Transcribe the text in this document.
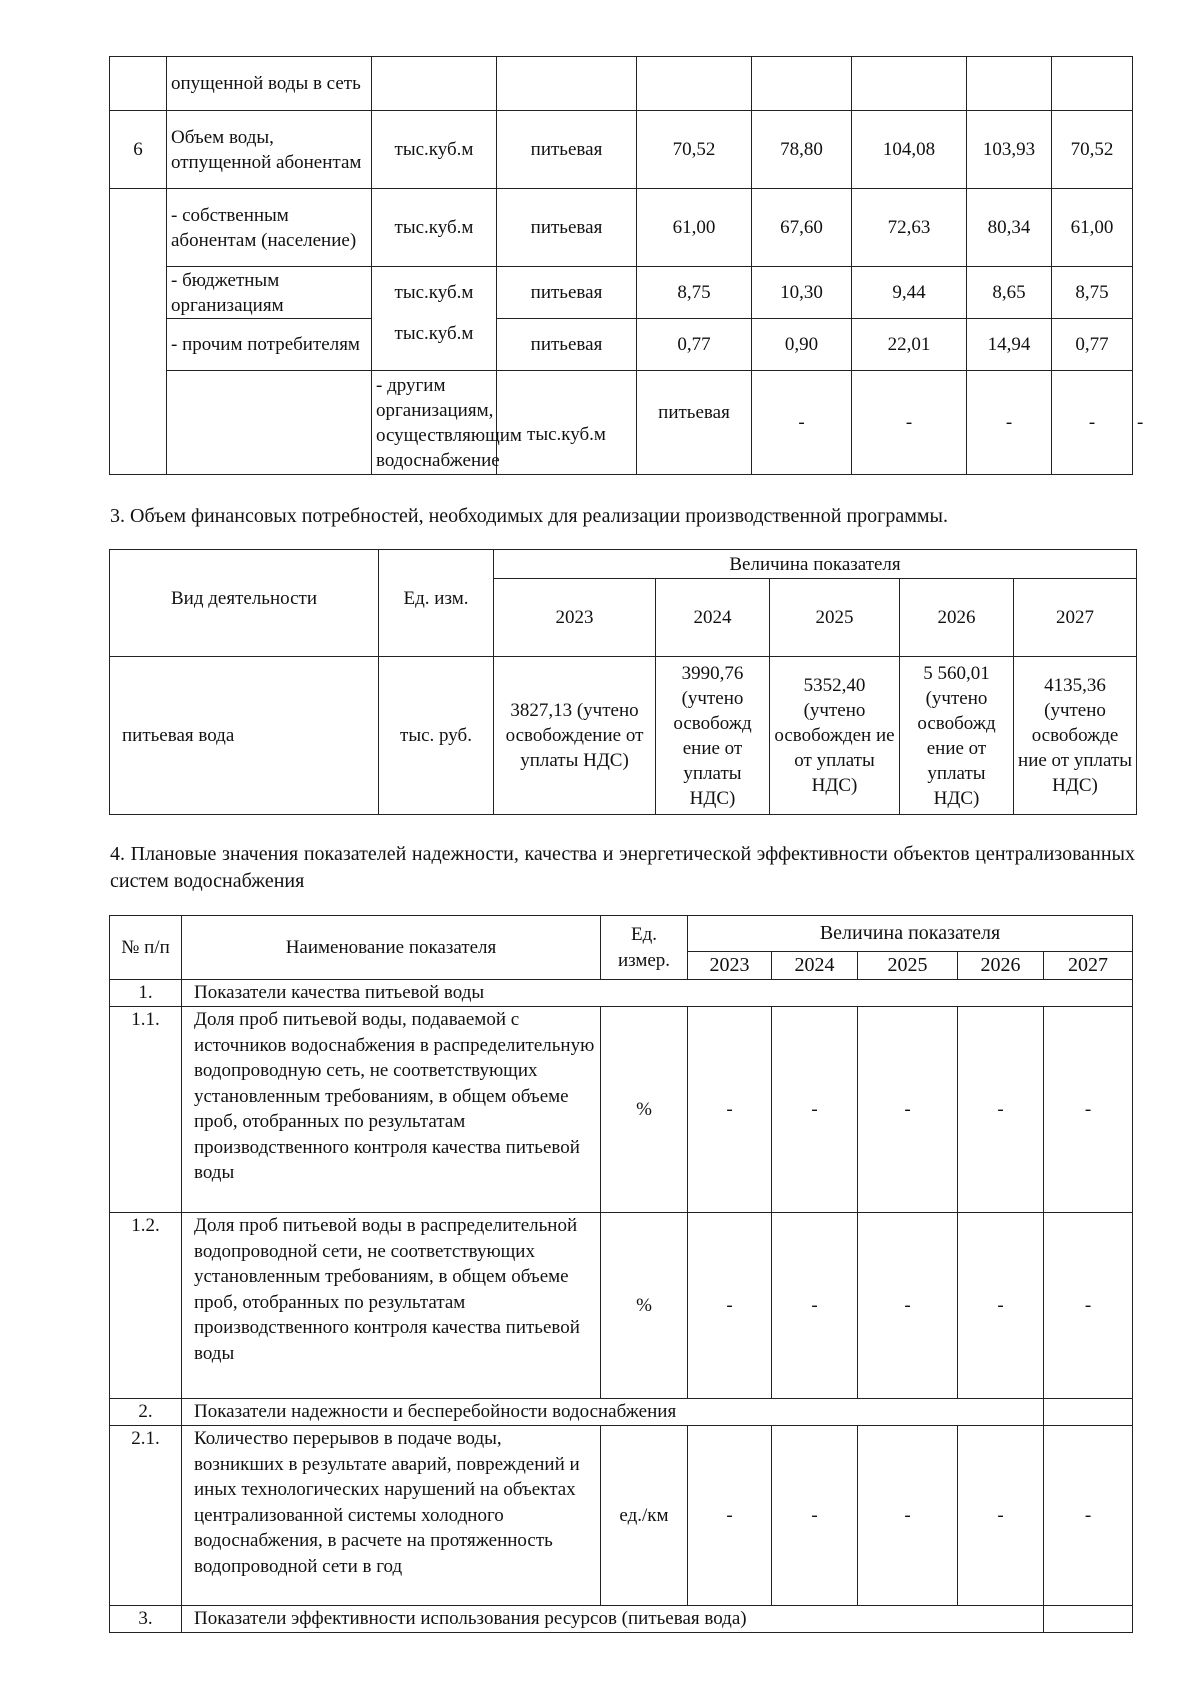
	опущенной воды в сеть								
6	Объем воды, отпущенной абонентам	тыс.куб.м	питьевая	70,52	78,80	104,08	103,93	70,52	
	- собственным абонентам (население)	тыс.куб.м	питьевая	61,00	67,60	72,63	80,34	61,00	
	- бюджетным организациям	тыс.куб.м	питьевая	8,75	10,30	9,44	8,65	8,75	
	- прочим потребителям	тыс.куб.м	питьевая	0,77	0,90	22,01	14,94	0,77	
		- другим организациям, осуществляющим водоснабжение	тыс.куб.м	питьевая	-	-	-	-	-

3. Объем финансовых потребностей, необходимых для реализации производственной программы.

Вид деятельности	Ед. изм.	Величина показателя				
		2023	2024	2025	2026	2027
питьевая вода	тыс. руб.	3827,13 (учтено освобождение от уплаты НДС)	3990,76 (учтено освобожд ение от уплаты НДС)	5352,40 (учтено освобожден ие от уплаты НДС)	5 560,01 (учтено освобожд ение от уплаты НДС)	4135,36 (учтено освобожде ние от уплаты НДС)

4. Плановые значения показателей надежности, качества и энергетической эффективности объектов централизованных систем водоснабжения

№ п/п	Наименование показателя	Ед. измер.	Величина показателя				
			2023	2024	2025	2026	2027
1.	Показатели качества питьевой воды						
1.1.	Доля проб питьевой воды, подаваемой с источников водоснабжения в распределительную водопроводную сеть, не соответствующих установленным требованиям, в общем объеме проб, отобранных по результатам производственного контроля качества питьевой воды	%	-	-	-	-	-
1.2.	Доля проб питьевой воды в распределительной водопроводной сети, не соответствующих установленным требованиям, в общем объеме проб, отобранных по результатам производственного контроля качества питьевой воды	%	-	-	-	-	-
2.	Показатели надежности и бесперебойности водоснабжения						
2.1.	Количество перерывов в подаче воды, возникших в результате аварий, повреждений и иных технологических нарушений на объектах централизованной системы холодного водоснабжения, в расчете на протяженность водопроводной сети в год	ед./км	-	-	-	-	-
3.	Показатели эффективности использования ресурсов (питьевая вода)						
